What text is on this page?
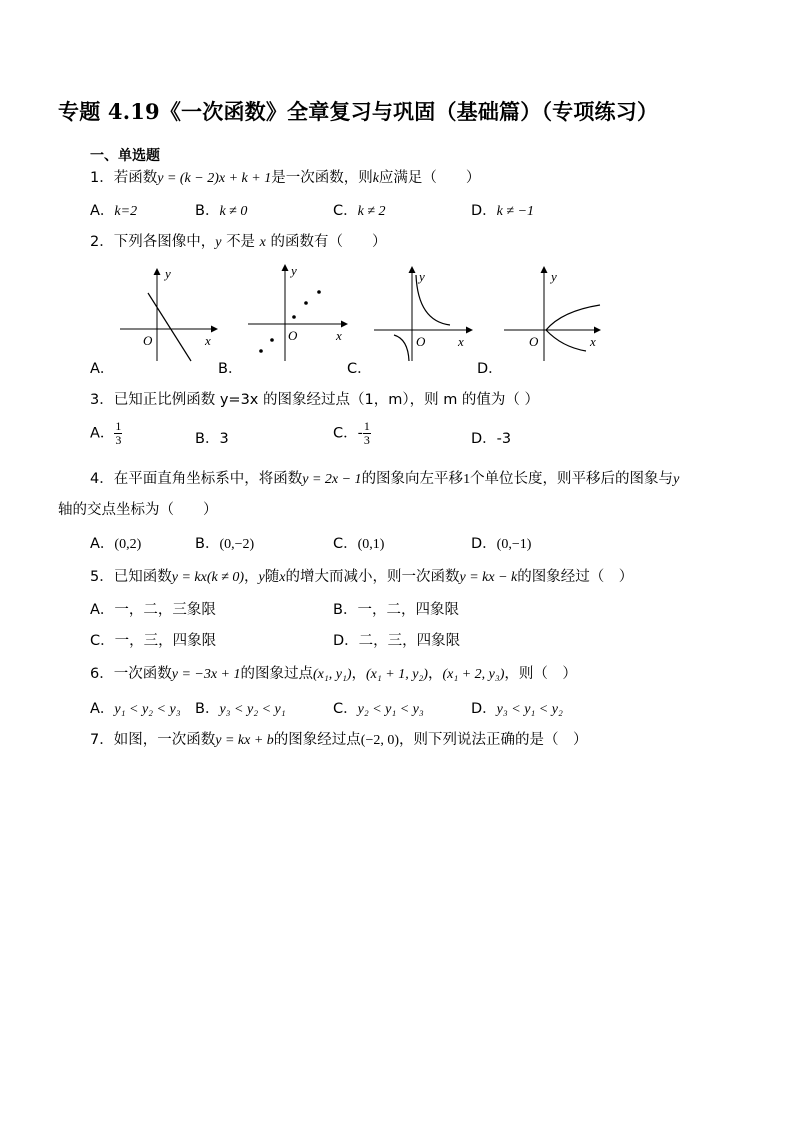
专题 4.19《一次函数》全章复习与巩固（基础篇）（专项练习）
一、单选题
1．若函数y = (k − 2)x + k + 1是一次函数，则k应满足（　　）
A．k=2	B．k ≠ 0	C．k ≠ 2	D．k ≠ −1
2．下列各图像中，y 不是 x 的函数有（　　）
y
x
O
A．
y
x
O
B．
y
x
O
C．
y
x
O
D．
3．已知正比例函数 y=3x 的图象经过点（1，m），则 m 的值为（ ）
A． $\frac{1}{3}$	B．3	C．- $\frac{1}{3}$	D．-3
4．在平面直角坐标系中，将函数y = 2x − 1的图象向左平移1个单位长度，则平移后的图象与y
轴的交点坐标为（　　）
A．(0,2)	B．(0,−2)	C．(0,1)	D．(0,−1)
5．已知函数y = kx(k ≠ 0)，y随x的增大而减小，则一次函数y = kx − k的图象经过（　）
A．一，二，三象限	B．一，二，四象限
C．一，三，四象限	D．二，三，四象限
6．一次函数y = −3x + 1的图象过点(x₁, y₁)，(x₁ + 1, y₂)，(x₁ + 2, y₃)，则（　）
A．y₁ < y₂ < y₃ B．y₃ < y₂ < y₁	C．y₂ < y₁ < y₃	D．y₃ < y₁ < y₂
7．如图，一次函数y = kx + b的图象经过点(−2, 0)，则下列说法正确的是（　）
